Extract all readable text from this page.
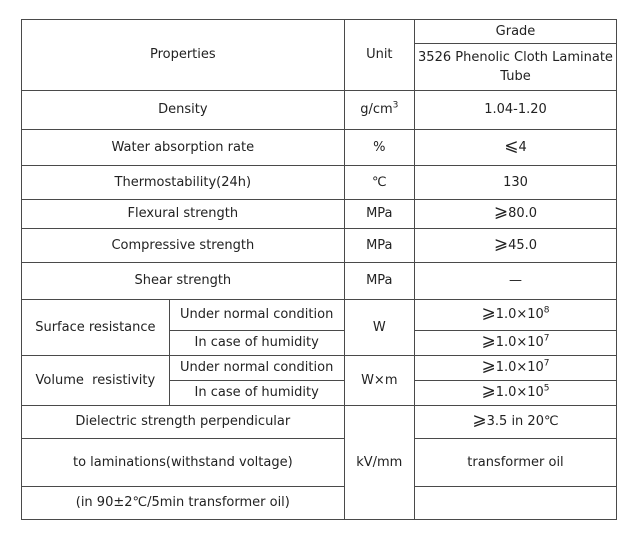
Properties		Unit	Grade
			3526 Phenolic Cloth Laminate Tube
Density		$g/cm^3$	1.04-1.20
Water absorption rate		%	⩽4
Thermostability(24h)		℃	130
Flexural strength		MPa	⩾80.0
Compressive strength		MPa	⩾45.0
Shear strength		MPa	—
Surface resistance	Under normal condition	W	$⩾1.0\times 10^8$
	In case of humidity		$⩾1.0\times 10^7$
Volume  resistivity	Under normal condition	W×m	$⩾1.0\times 10^7$
	In case of humidity		$⩾1.0\times 10^5$
Dielectric strength perpendicular		kV/mm	⩾3.5 in 20℃
to laminations(withstand voltage)			transformer oil
(in 90±2℃/5min transformer oil)			
